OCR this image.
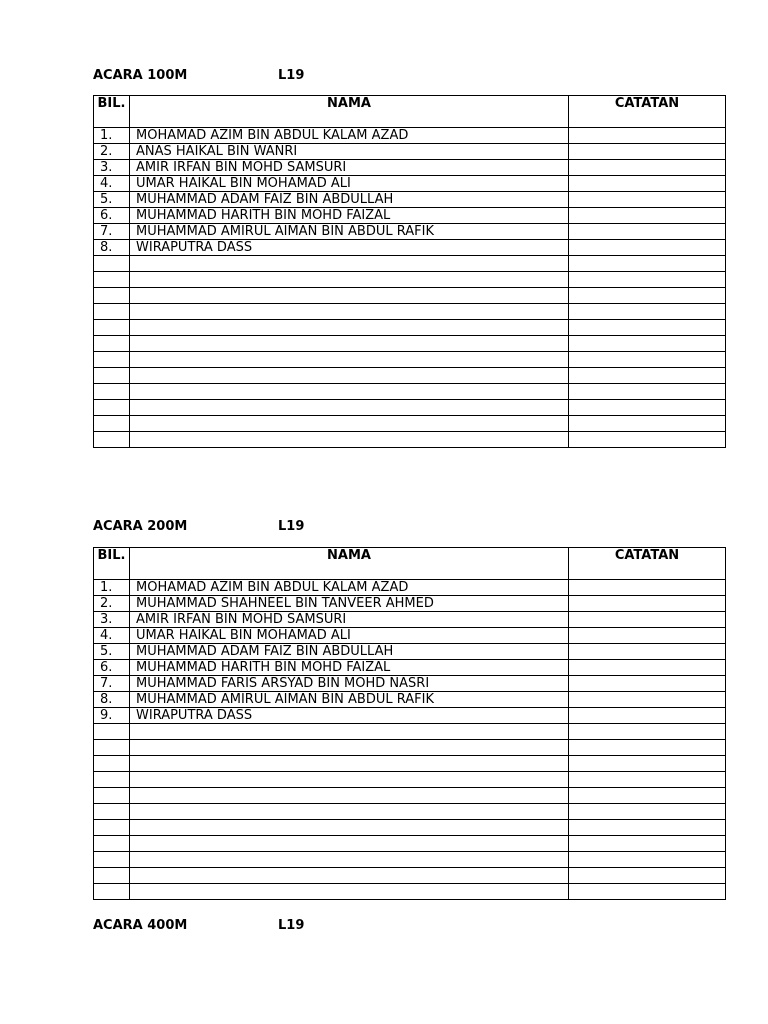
ACARA 100M	L19
BIL.	NAMA	CATATAN
1.	MOHAMAD AZIM BIN ABDUL KALAM AZAD	
2.	ANAS HAIKAL BIN WANRI	
3.	AMIR IRFAN BIN MOHD SAMSURI	
4.	UMAR HAIKAL BIN MOHAMAD ALI	
5.	MUHAMMAD ADAM FAIZ BIN ABDULLAH	
6.	MUHAMMAD HARITH BIN MOHD FAIZAL	
7.	MUHAMMAD AMIRUL AIMAN BIN ABDUL RAFIK	
8.	WIRAPUTRA DASS	

ACARA 200M	L19
BIL.	NAMA	CATATAN
1.	MOHAMAD AZIM BIN ABDUL KALAM AZAD	
2.	MUHAMMAD SHAHNEEL BIN TANVEER AHMED	
3.	AMIR IRFAN BIN MOHD SAMSURI	
4.	UMAR HAIKAL BIN MOHAMAD ALI	
5.	MUHAMMAD ADAM FAIZ BIN ABDULLAH	
6.	MUHAMMAD HARITH BIN MOHD FAIZAL	
7.	MUHAMMAD FARIS ARSYAD BIN MOHD NASRI	
8.	MUHAMMAD AMIRUL AIMAN BIN ABDUL RAFIK	
9.	WIRAPUTRA DASS	

ACARA 400M	L19
